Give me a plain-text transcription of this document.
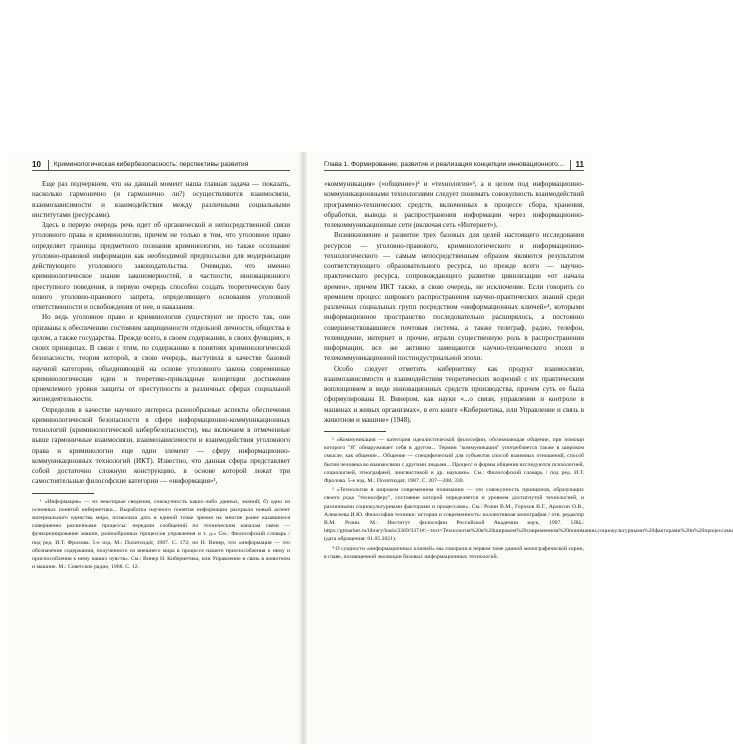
10 Криминологическая кибербезопасность: перспективы развития

Еще раз подчеркнем, что на данный момент наша главная задача — показать, насколько гармонично (и гармонично ли?) осуществляются взаимосвязи, взаимозависимости и взаимодействия между различными социальными институтами (ресурсами).

Здесь в первую очередь речь идет об органической и непосредственной связи уголовного права и криминологии, причем не только в том, что уголовное право определяет границы предметного познания криминологии, но также осознание уголовно-правовой информации как необходимой предпосылки для модернизации действующего уголовного законодательства. Очевидно, что именно криминологическое знание закономерностей, в частности, инновационного преступного поведения, в первую очередь способно создать теоретическую базу нового уголовно-правового запрета, определяющего основания уголовной ответственности и освобождения от нее, и наказания.

Но ведь уголовное право и криминология существуют не просто так, они призваны к обеспечению состояния защищенности отдельной личности, общества в целом, а также государства. Прежде всего, в своем содержании, в своих функциях, в своих принципах. В связи с этим, по содержанию в понятиях криминологической безопасности, теория которой, в свою очередь, выступила в качестве базовой научной категории, объединяющей на основе уголовного закона современные криминологические идеи и теоретико-прикладные концепции достижения приемлемого уровня защиты от преступности в различных сферах социальной жизнедеятельности.

Определив в качестве научного интереса разнообразные аспекты обеспечения криминологической безопасности в сфере информационно-коммуникационных технологий (криминологической кибербезопасности), мы включаем в отмеченные выше гармоничные взаимосвязи, взаимозависимости и взаимодействия уголовного права и криминологии еще один элемент — сферу информационно-коммуникационных технологий (ИКТ). Известно, что данная сфера представляет собой достаточно сложную конструкцию, в основе которой лежат три самостоятельные философские категории — «информация»¹,

¹ «Информация» — из некоторые сведения, совокупность каких-либо данных, знаний; б) одно из основных понятий кибернетики... Выработка научного понятия информации раскрыла новый аспект материального единства мира, позволила дать в единой точке зрения на многие ранее казавшиеся совершенно различными процессы: передачи сообщений по техническим каналам связи — функционирование машин, разнообразных процессов управления и т. д.» См.: Философский словарь / под ред. И.Т. Фролова. 5-е изд. М.: Политиздат, 1987. С. 172; но Н. Винер, что «информация — это обозначение содержания, полученного из внешнего мира в процессе нашего приспособления к нему и приспособления к нему наших чувств». См.: Винер Н. Кибернетика, или Управление и связь в животном и машине. М.: Советское радио, 1968. С. 12.

Глава 1. Формирование, развитие и реализация концепции инновационного... 11

«коммуникация» («общение»)² и «технология»³, а в целом под информационно-коммуникационными технологиями следует понимать совокупность взаимодействий программно-технических средств, включенных в процессе сбора, хранения, обработки, вывода и распространения информации через информационно-телекоммуникационные сети (включая сеть «Интернет»).

Возникновение и развитие трех базовых для целей настоящего исследования ресурсов — уголовно-правового, криминологического и информационно-технологического — самым непосредственным образом являются результатом соответствующего образовательного ресурса, но прежде всего — научно-практического ресурса, сопровождающего развитие цивилизации «от начала времен», причем ИКТ также, в свою очередь, не исключение. Если говорить со временем процесс широкого распространения научно-практических знаний среди различных социальных групп посредством «информационных ключей»⁴, которыми информационное пространство последовательно расширялось, а постоянно совершенствовавшиеся почтовая система, а также телеграф, радио, телефон, телевидение, интернет и прочие, играли существенную роль в распространении информации, все же активно замещаются научно-технического эпохи и телекоммуникационной постиндустриальной эпохи.

Особо следует отметить кибернетику как продукт взаимосвязи, взаимозависимости и взаимодействия теоретических возрений с их практическим воплощением в виде инновационных средств производства, причем суть ее была сформулирована Н. Винером, как науки «...о связи, управлении и контроле в машинах и живых организмах», в его книге «Кибернетика, или Управление и связь в животном и машине» (1948).

² «Коммуникация — категория идеалистической философии, обозначающая общение, при помощи которого "Я" обнаруживает себя в другом... Термин "коммуникация" употребляется также в широком смысле, как общение... Общение — специфический для субъектов способ взаимных отношений, способ бытия человека во взаимосвязи с другими людьми... Процесс и формы общения исследуются психологией, социологией, этнографией, лингвистикой и др. науками». См.: Философский словарь / под ред. И.Т. Фролова. 5-е изд. М.: Политиздат, 1987. С. 207—208; 330.

³ «Технология в широком современном понимании — это совокупность принципов, образующих своего рода "техносферу", состояние которой определяется и уровнем достигнутой технологией, и различными социокультурными факторами и процессами». См.: Розин В.М., Горохов В.Г., Аронсон О.В., Алексеева И.Ю. Философия техники: история и современность: коллективная монография / отв. редактор В.М. Розин. М.: Институт философии Российской Академии наук, 1997. URL: https://gtmarket.ru/library/basis/3369/3371#:~:text=Технология%20в%20широком%20современном%20понимании,социокультурными%20факторами%20и%20процессами (дата обращения: 01.05.2021).

⁴ О сущности «информационных ключей» мы говорили в первом томе данной монографической серии, в главе, посвященной эволюции базовых информационных технологий.
